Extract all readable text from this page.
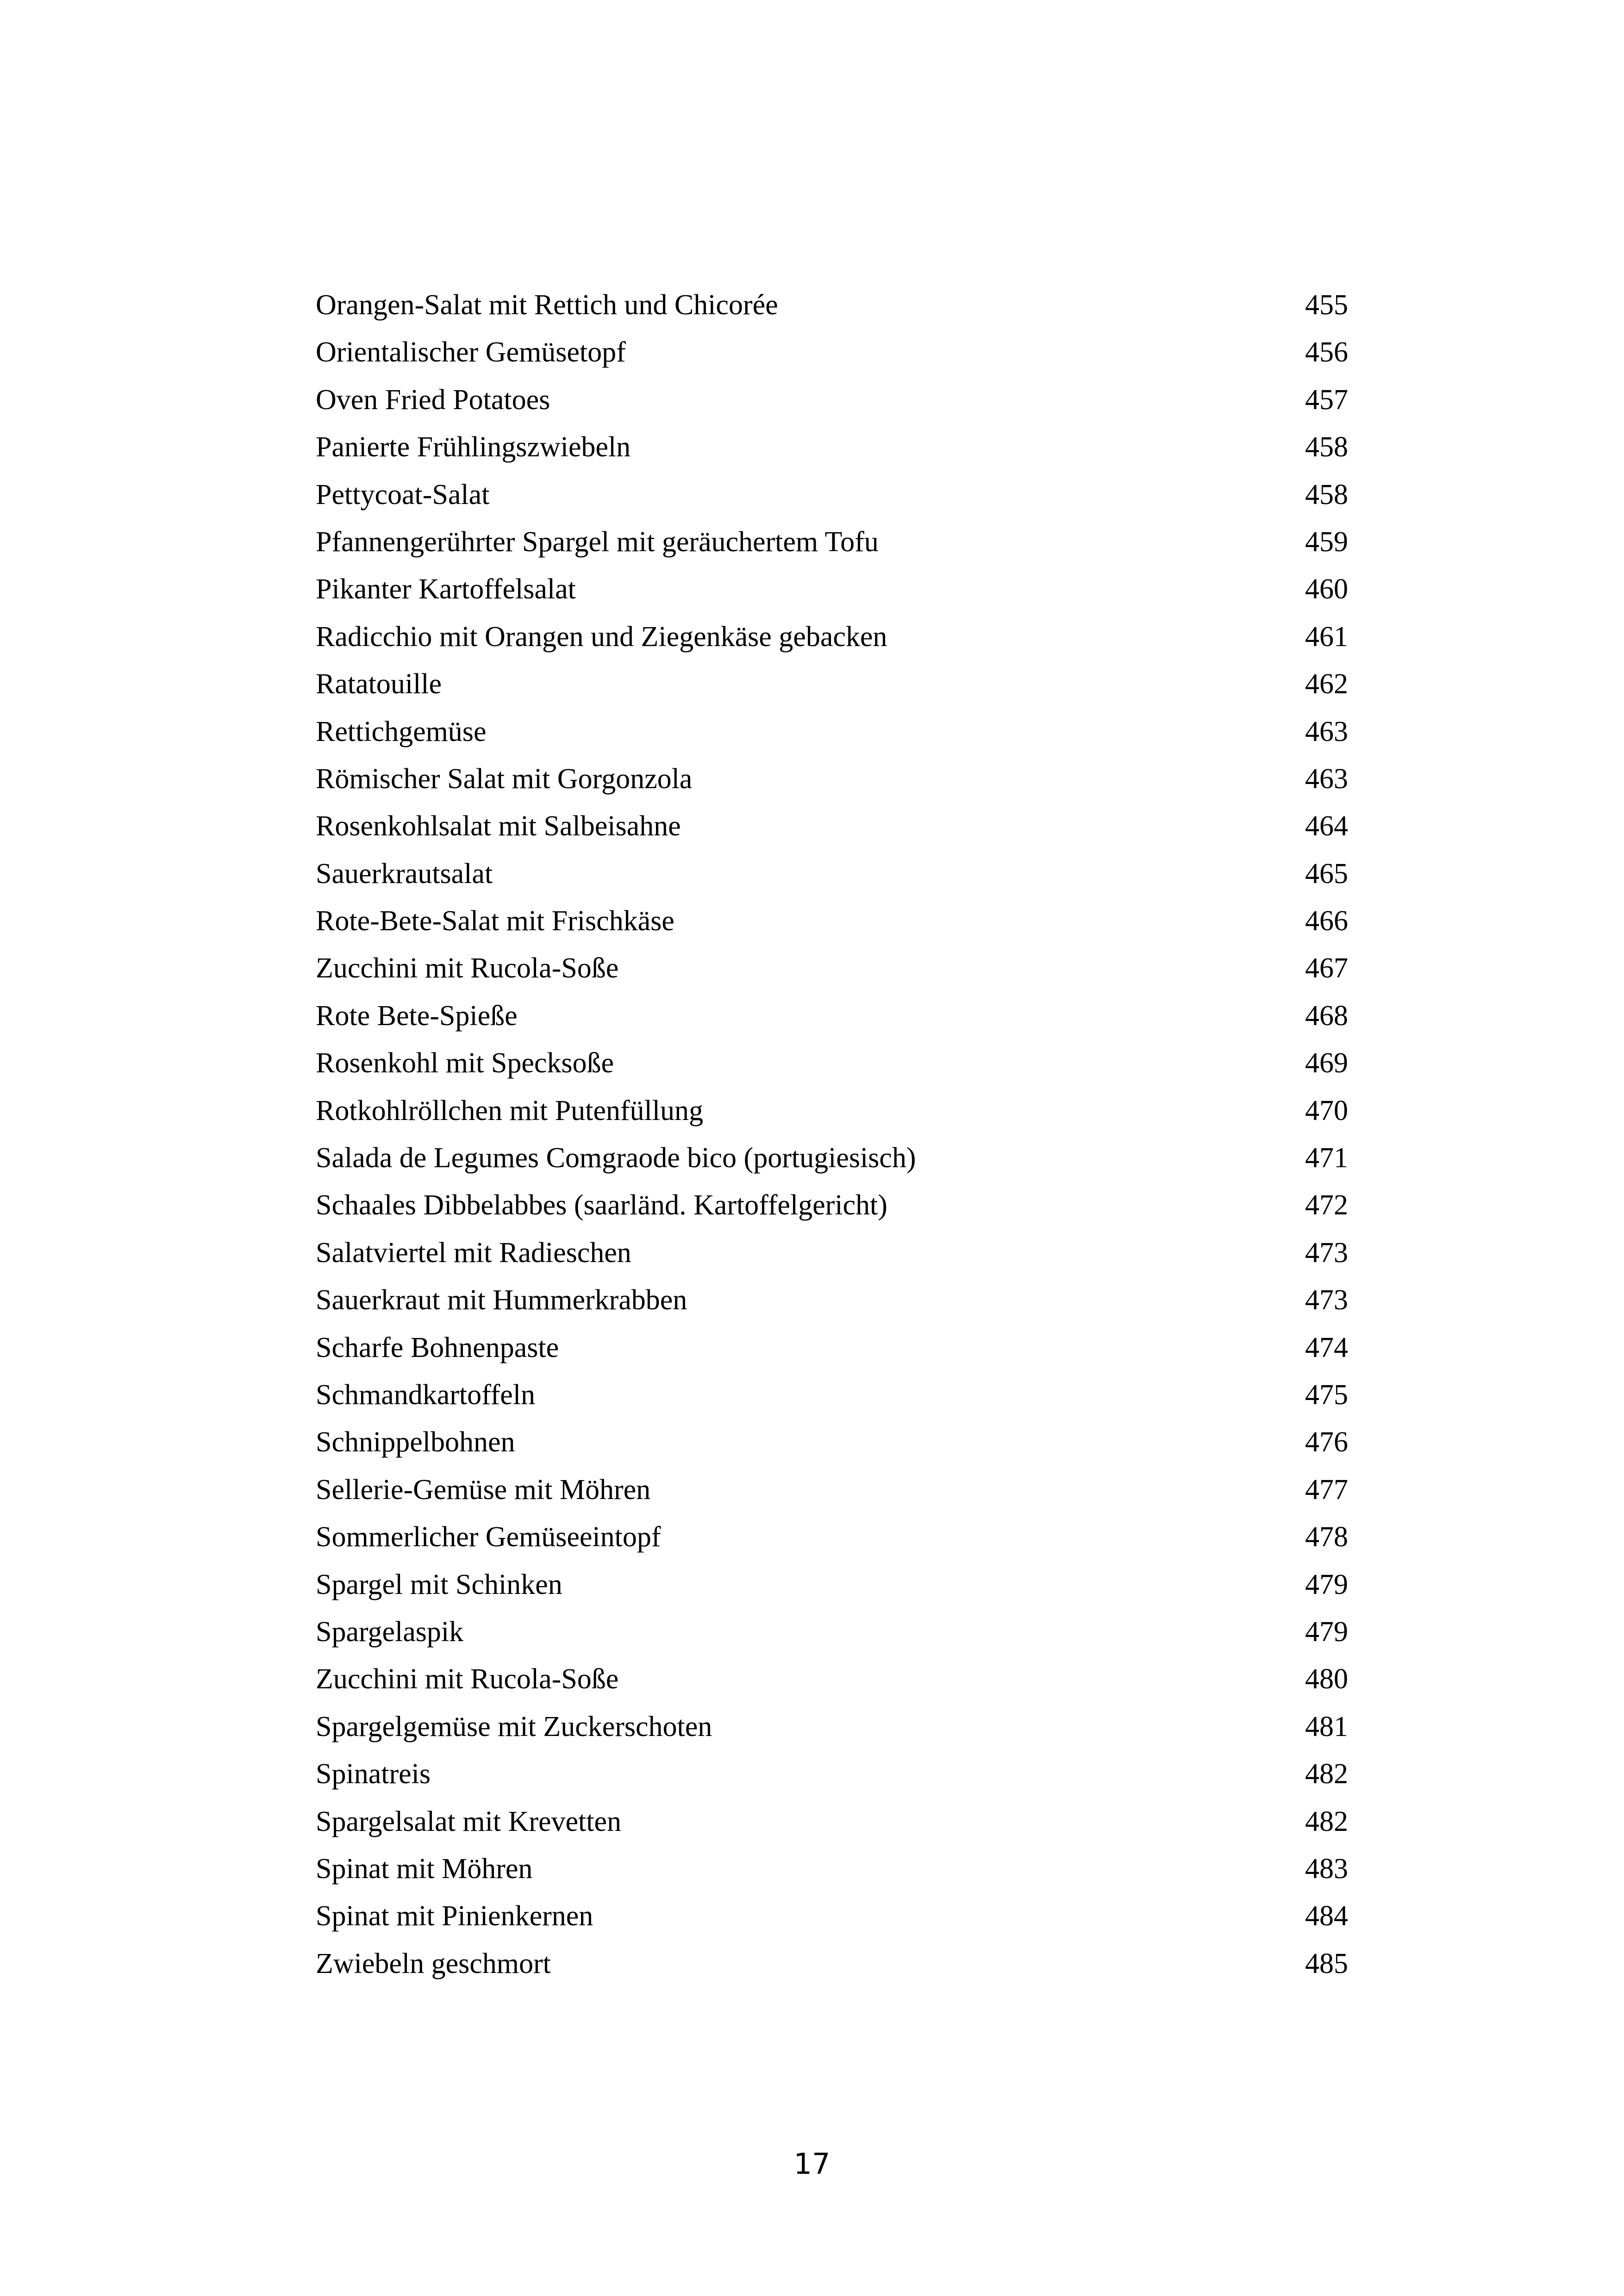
Orangen-Salat mit Rettich und Chicorée	455
Orientalischer Gemüsetopf	456
Oven Fried Potatoes	457
Panierte Frühlingszwiebeln	458
Pettycoat-Salat	458
Pfannengerührter Spargel mit geräuchertem Tofu	459
Pikanter Kartoffelsalat	460
Radicchio mit Orangen und Ziegenkäse gebacken	461
Ratatouille	462
Rettichgemüse	463
Römischer Salat mit Gorgonzola	463
Rosenkohlsalat mit Salbeisahne	464
Sauerkrautsalat	465
Rote-Bete-Salat mit Frischkäse	466
Zucchini mit Rucola-Soße	467
Rote Bete-Spieße	468
Rosenkohl mit Specksoße	469
Rotkohlröllchen mit Putenfüllung	470
Salada de Legumes Comgraode bico (portugiesisch)	471
Schaales Dibbelabbes (saarländ. Kartoffelgericht)	472
Salatviertel mit Radieschen	473
Sauerkraut mit Hummerkrabben	473
Scharfe Bohnenpaste	474
Schmandkartoffeln	475
Schnippelbohnen	476
Sellerie-Gemüse mit Möhren	477
Sommerlicher Gemüseeintopf	478
Spargel mit Schinken	479
Spargelaspik	479
Zucchini mit Rucola-Soße	480
Spargelgemüse mit Zuckerschoten	481
Spinatreis	482
Spargelsalat mit Krevetten	482
Spinat mit Möhren	483
Spinat mit Pinienkernen	484
Zwiebeln geschmort	485
17
